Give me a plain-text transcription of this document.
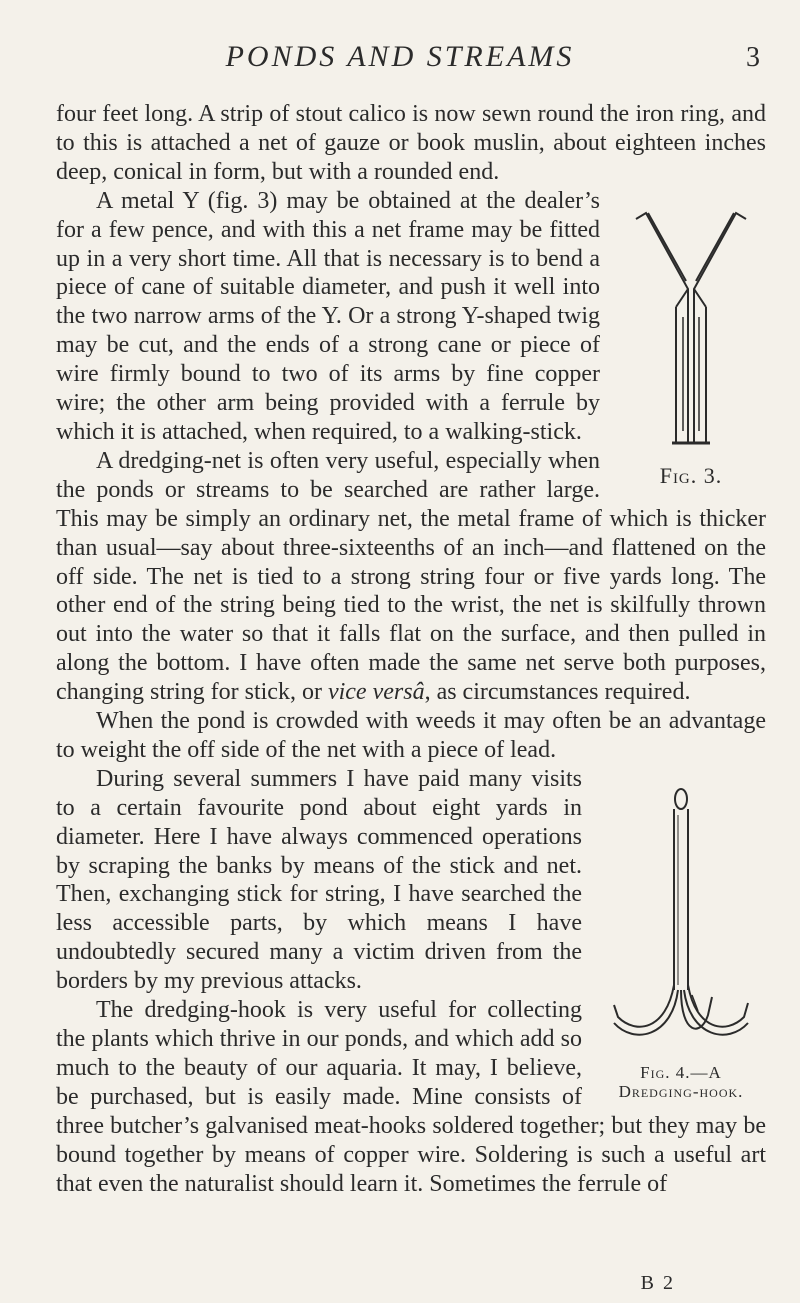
PONDS AND STREAMS	3

four feet long. A strip of stout calico is now sewn round the iron ring, and to this is attached a net of gauze or book muslin, about eighteen inches deep, conical in form, but with a rounded end.

Fig. 3.

A metal Y (fig. 3) may be obtained at the dealer’s for a few pence, and with this a net frame may be fitted up in a very short time. All that is necessary is to bend a piece of cane of suitable diameter, and push it well into the two narrow arms of the Y. Or a strong Y-shaped twig may be cut, and the ends of a strong cane or piece of wire firmly bound to two of its arms by fine copper wire; the other arm being provided with a ferrule by which it is attached, when required, to a walking-stick.

A dredging-net is often very useful, especially when the ponds or streams to be searched are rather large. This may be simply an ordinary net, the metal frame of which is thicker than usual—say about three-sixteenths of an inch—and flattened on the off side. The net is tied to a strong string four or five yards long. The other end of the string being tied to the wrist, the net is skilfully thrown out into the water so that it falls flat on the surface, and then pulled in along the bottom. I have often made the same net serve both purposes, changing string for stick, or vice versâ, as circumstances required.

When the pond is crowded with weeds it may often be an advantage to weight the off side of the net with a piece of lead.

Fig. 4.—A
Dredging-hook.

During several summers I have paid many visits to a certain favourite pond about eight yards in diameter. Here I have always commenced operations by scraping the banks by means of the stick and net. Then, exchanging stick for string, I have searched the less accessible parts, by which means I have undoubtedly secured many a victim driven from the borders by my previous attacks.

The dredging-hook is very useful for collecting the plants which thrive in our ponds, and which add so much to the beauty of our aquaria. It may, I believe, be purchased, but is easily made. Mine consists of three butcher’s galvanised meat-hooks soldered together; but they may be bound together by means of copper wire. Soldering is such a useful art that even the naturalist should learn it. Sometimes the ferrule of

B 2
